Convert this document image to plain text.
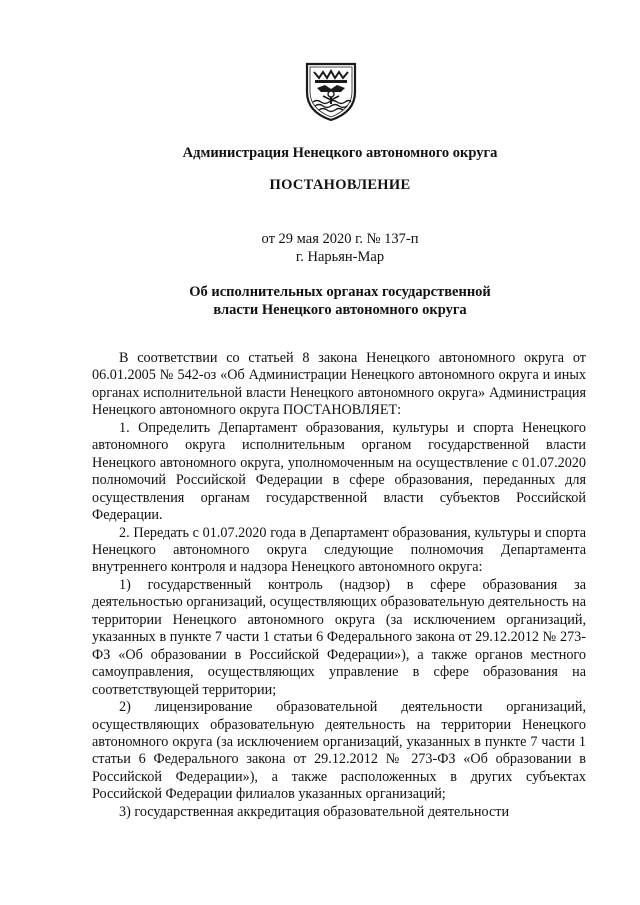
Администрация Ненецкого автономного округа
ПОСТАНОВЛЕНИЕ
от 29 мая 2020 г. № 137-п
г. Нарьян-Мар
Об исполнительных органах государственной
власти Ненецкого автономного округа

В соответствии со статьей 8 закона Ненецкого автономного округа от 06.01.2005 № 542-оз «Об Администрации Ненецкого автономного округа и иных органах исполнительной власти Ненецкого автономного округа» Администрация Ненецкого автономного округа ПОСТАНОВЛЯЕТ:

1. Определить Департамент образования, культуры и спорта Ненецкого автономного округа исполнительным органом государственной власти Ненецкого автономного округа, уполномоченным на осуществление с 01.07.2020 полномочий Российской Федерации в сфере образования, переданных для осуществления органам государственной власти субъектов Российской Федерации.

2. Передать с 01.07.2020 года в Департамент образования, культуры и спорта Ненецкого автономного округа следующие полномочия Департамента внутреннего контроля и надзора Ненецкого автономного округа:

1) государственный контроль (надзор) в сфере образования за деятельностью организаций, осуществляющих образовательную деятельность на территории Ненецкого автономного округа (за исключением организаций, указанных в пункте 7 части 1 статьи 6 Федерального закона от 29.12.2012 № 273-ФЗ «Об образовании в Российской Федерации»), а также органов местного самоуправления, осуществляющих управление в сфере образования на соответствующей территории;

2) лицензирование образовательной деятельности организаций, осуществляющих образовательную деятельность на территории Ненецкого автономного округа (за исключением организаций, указанных в пункте 7 части 1 статьи 6 Федерального закона от 29.12.2012 № 273-ФЗ «Об образовании в Российской Федерации»), а также расположенных в других субъектах Российской Федерации филиалов указанных организаций;

3) государственная аккредитация образовательной деятельности
